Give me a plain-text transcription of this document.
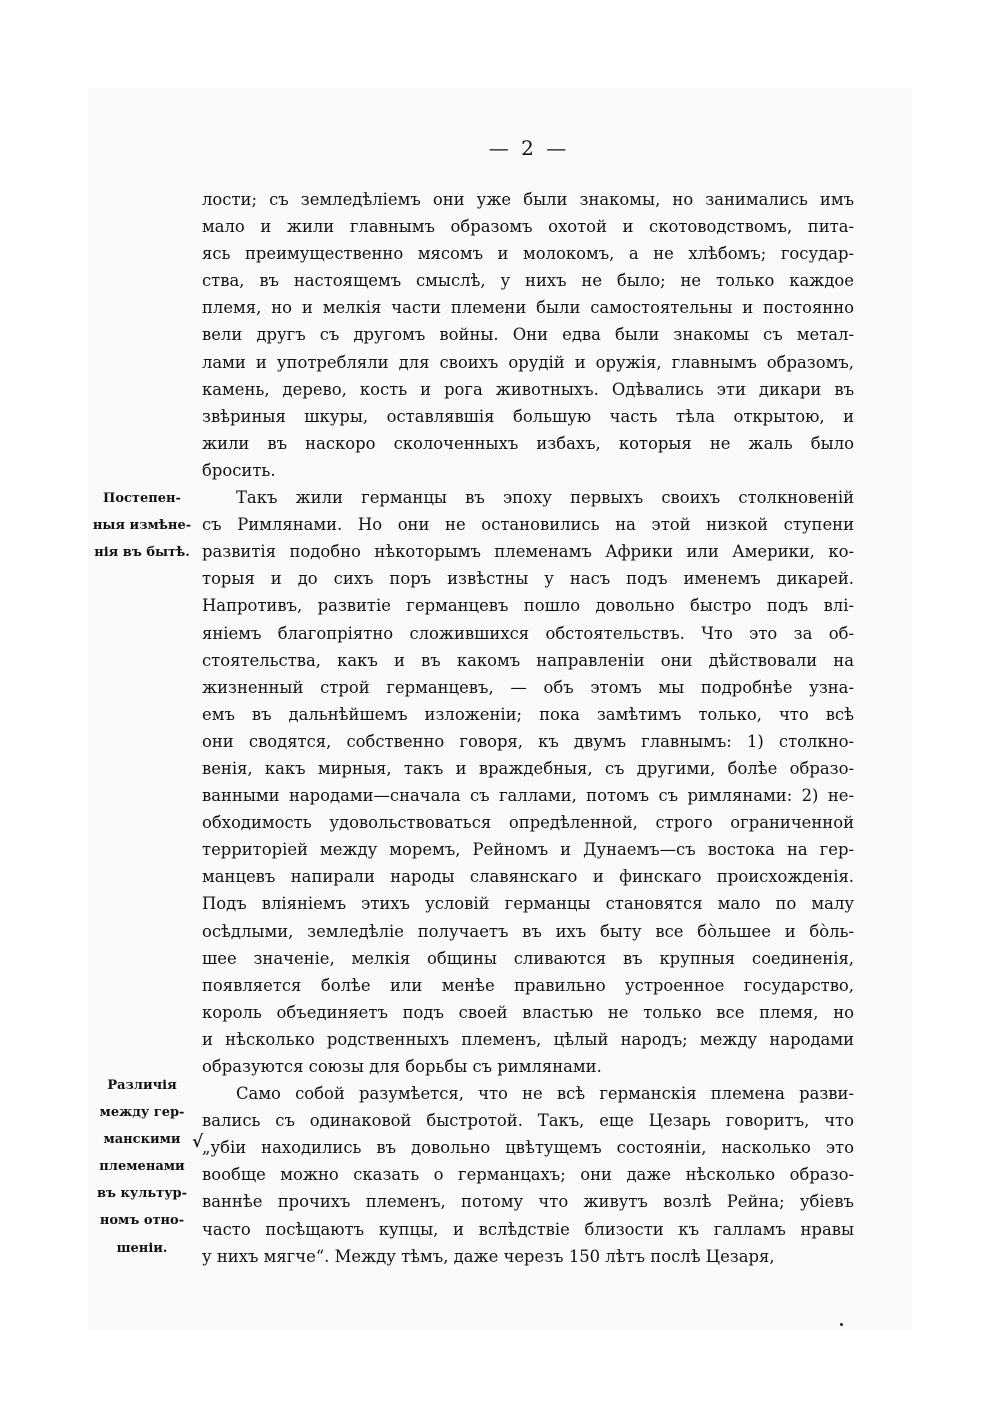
— 2 —
лости; съ земледѣліемъ они уже были знакомы, но занимались имъ
мало и жили главнымъ образомъ охотой и скотоводствомъ, пита-
ясь преимущественно мясомъ и молокомъ, а не хлѣбомъ; государ-
ства, въ настоящемъ смыслѣ, у нихъ не было; не только каждое
племя, но и мелкія части племени были самостоятельны и постоянно
вели другъ съ другомъ войны. Они едва были знакомы съ метал-
лами и употребляли для своихъ орудій и оружія, главнымъ образомъ,
камень, дерево, кость и рога животныхъ. Одѣвались эти дикари въ
звѣриныя шкуры, оставлявшія большую часть тѣла открытою, и
жили въ наскоро сколоченныхъ избахъ, которыя не жаль было
бросить.
Такъ жили германцы въ эпоху первыхъ своихъ столкновеній
съ Римлянами. Но они не остановились на этой низкой ступени
развитія подобно нѣкоторымъ племенамъ Африки или Америки, ко-
торыя и до сихъ поръ извѣстны у насъ подъ именемъ дикарей.
Напротивъ, развитіе германцевъ пошло довольно быстро подъ влі-
яніемъ благопріятно сложившихся обстоятельствъ. Что это за об-
стоятельства, какъ и въ какомъ направленіи они дѣйствовали на
жизненный строй германцевъ, — объ этомъ мы подробнѣе узна-
емъ въ дальнѣйшемъ изложеніи; пока замѣтимъ только, что всѣ
они сводятся, собственно говоря, къ двумъ главнымъ: 1) столкно-
венія, какъ мирныя, такъ и враждебныя, съ другими, болѣе образо-
ванными народами—сначала съ галлами, потомъ съ римлянами: 2) не-
обходимость удовольствоваться опредѣленной, строго ограниченной
территоріей между моремъ, Рейномъ и Дунаемъ—съ востока на гер-
манцевъ напирали народы славянскаго и финскаго происхожденія.
Подъ вліяніемъ этихъ условій германцы становятся мало по малу
осѣдлыми, земледѣліе получаетъ въ ихъ быту все бо̀льшее и бо̀ль-
шее значеніе, мелкія общины сливаются въ крупныя соединенія,
появляется болѣе или менѣе правильно устроенное государство,
король объединяетъ подъ своей властью не только все племя, но
и нѣсколько родственныхъ племенъ, цѣлый народъ; между народами
образуются союзы для борьбы съ римлянами.
Само собой разумѣется, что не всѣ германскія племена разви-
вались съ одинаковой быстротой. Такъ, еще Цезарь говоритъ, что
„убіи находились въ довольно цвѣтущемъ состояніи, насколько это
вообще можно сказать о германцахъ; они даже нѣсколько образо-
ваннѣе прочихъ племенъ, потому что живутъ возлѣ Рейна; убіевъ
часто посѣщаютъ купцы, и вслѣдствіе близости къ галламъ нравы
у нихъ мягче“. Между тѣмъ, даже черезъ 150 лѣтъ послѣ Цезаря,
Постепен-
ныя измѣне-
нія въ бытѣ.
Различія
между гер-
манскими
племенами
въ культур-
номъ отно-
шеніи.
√
